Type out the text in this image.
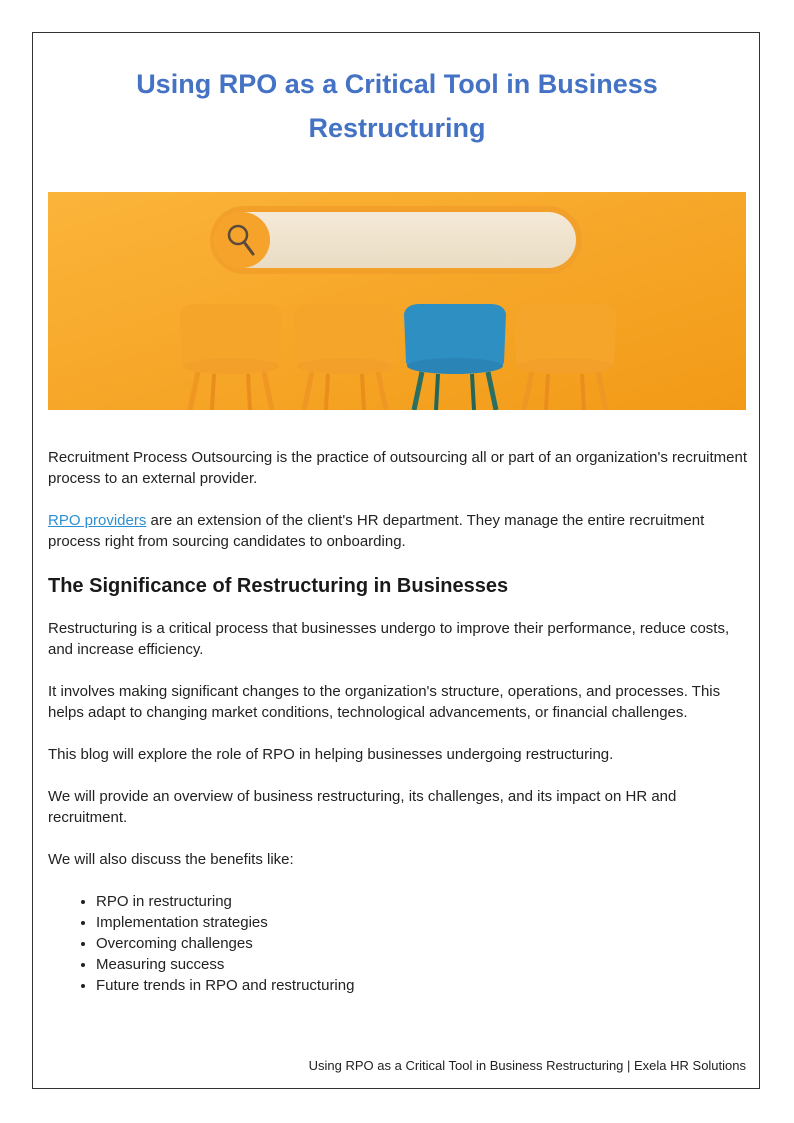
Using RPO as a Critical Tool in Business Restructuring

Recruitment Process Outsourcing is the practice of outsourcing all or part of an organization's recruitment process to an external provider.

RPO providers are an extension of the client's HR department. They manage the entire recruitment process right from sourcing candidates to onboarding.

The Significance of Restructuring in Businesses

Restructuring is a critical process that businesses undergo to improve their performance, reduce costs, and increase efficiency.

It involves making significant changes to the organization's structure, operations, and processes. This helps adapt to changing market conditions, technological advancements, or financial challenges.

This blog will explore the role of RPO in helping businesses undergoing restructuring.

We will provide an overview of business restructuring, its challenges, and its impact on HR and recruitment.

We will also discuss the benefits like:

• RPO in restructuring
• Implementation strategies
• Overcoming challenges
• Measuring success
• Future trends in RPO and restructuring
Using RPO as a Critical Tool in Business Restructuring | Exela HR Solutions
